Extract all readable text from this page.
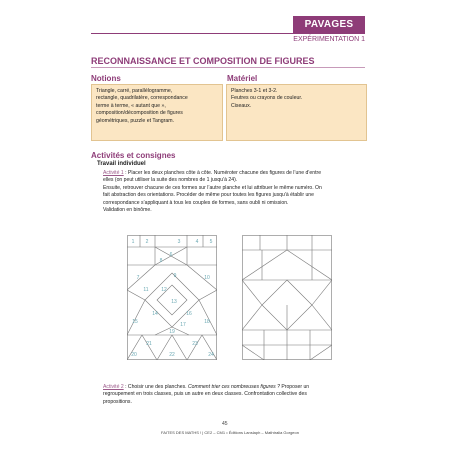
PAVAGES
EXPÉRIMENTATION 1
RECONNAISSANCE ET COMPOSITION DE FIGURES
Notions	Matériel
Triangle, carré, parallélogramme,
rectangle, quadrilatère, correspondance
terme à terme, « autant que »,
composition/décomposition de figures
géométriques, puzzle et Tangram.
Planches 3-1 et 3-2.
Feutres ou crayons de couleur.
Ciseaux.
Activités et consignes
Travail individuel
Activité 1 : Placer les deux planches côte à côte. Numéroter chacune des figures de l’une d’entre
elles (on peut utiliser la suite des nombres de 1 jusqu’à 24).
Ensuite, retrouver chacune de ces formes sur l’autre planche et lui attribuer le même numéro. On
fait abstraction des orientations. Procéder de même pour toutes les figures jusqu’à établir une
correspondance s’appliquant à tous les couples de formes, sans oubli ni omission.
Validation en binôme.
1 2	3	4 5
6
7
8
9	10
11	12
13
14
15
16
17	18
19
20
21
22
23
24
Activité 2 : Choisir une des planches. Comment trier ces nombreuses figures ? Proposer un
regroupement en trois classes, puis un autre en deux classes. Confrontation collective des
propositions.
45
FAITES DES MATHS ! | CE2 – CM1 • Éditions Lanslaph – Mathtralia Gorgeon
